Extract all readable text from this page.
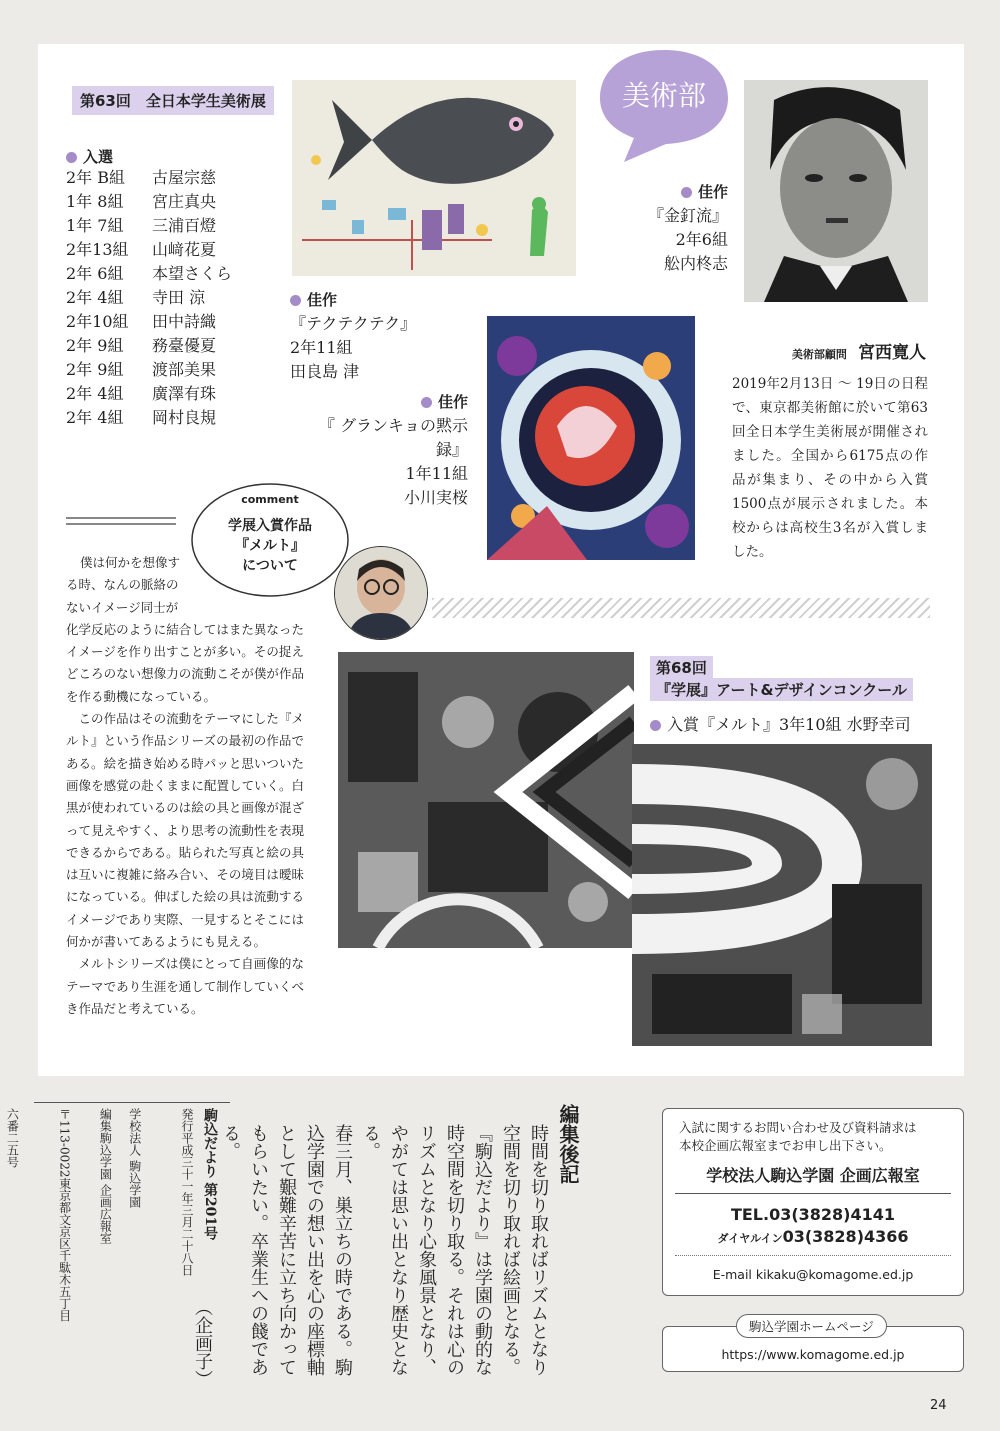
第63回　全日本学生美術展
入選
2年 B組	古屋宗慈
1年 8組	宮庄真央
1年 7組	三浦百燈
2年13組	山﨑花夏
2年 6組	本望さくら
2年 4組	寺田 涼
2年10組	田中詩織
2年 9組	務臺優夏
2年 9組	渡部美果
2年 4組	廣澤有珠
2年 4組	岡村良規
佳作
『テクテクテク』
2年11組
田良島 津
佳作
『 グランキョの黙示録』
1年11組
小川実桜
美術部
佳作
『金釘流』
2年6組
舩内柊志
美術部顧問 宮西寛人
2019年2月13日 〜 19日の日程で、東京都美術館に於いて第63回全日本学生美術展が開催されました。全国から6175点の作品が集まり、その中から入賞1500点が展示されました。本校からは高校生3名が入賞しました。
comment
学展入賞作品
『メルト』
について
僕は何かを想像す
る時、なんの脈絡の
ないイメージ同士が
化学反応のように結合してはまた異なったイメージを作り出すことが多い。その捉えどころのない想像力の流動こそが僕が作品を作る動機になっている。
この作品はその流動をテーマにした『メルト』という作品シリーズの最初の作品である。絵を描き始める時パッと思いついた画像を感覚の赴くままに配置していく。白黒が使われているのは絵の具と画像が混ざって見えやすく、より思考の流動性を表現できるからである。貼られた写真と絵の具は互いに複雑に絡み合い、その境目は曖昧になっている。伸ばした絵の具は流動するイメージであり実際、一見するとそこには何かが書いてあるようにも見える。
メルトシリーズは僕にとって自画像的なテーマであり生涯を通して制作していくべき作品だと考えている。
第68回
『学展』アート&デザインコンクール
入賞『メルト』3年10組 水野幸司
編集後記
時間を切り取ればリズムとなり空間を切り取れば絵画となる。『駒込だより』は学園の動的な時空間を切り取る。それは心のリズムとなり心象風景となり、やがては思い出となり歴史となる。
春三月、巣立ちの時である。駒込学園での想い出を心の座標軸として艱難辛苦に立ち向かってもらいたい。卒業生への餞である。
（企画子）
駒込だより 第201号
発行平成三十一年三月二十八日
学校法人 駒込学園
編集駒込学園 企画広報室
〒113-0022東京都文京区千駄木五丁目
六番二五号	入試に関するお問い合わせ及び資料請求は
本校企画広報室までお申し出下さい。
学校法人駒込学園 企画広報室
TEL.03(3828)4141
ダイヤルイン03(3828)4366
E-mail kikaku@komagome.ed.jp
https://www.komagome.ed.jp
駒込学園ホームページ
24
